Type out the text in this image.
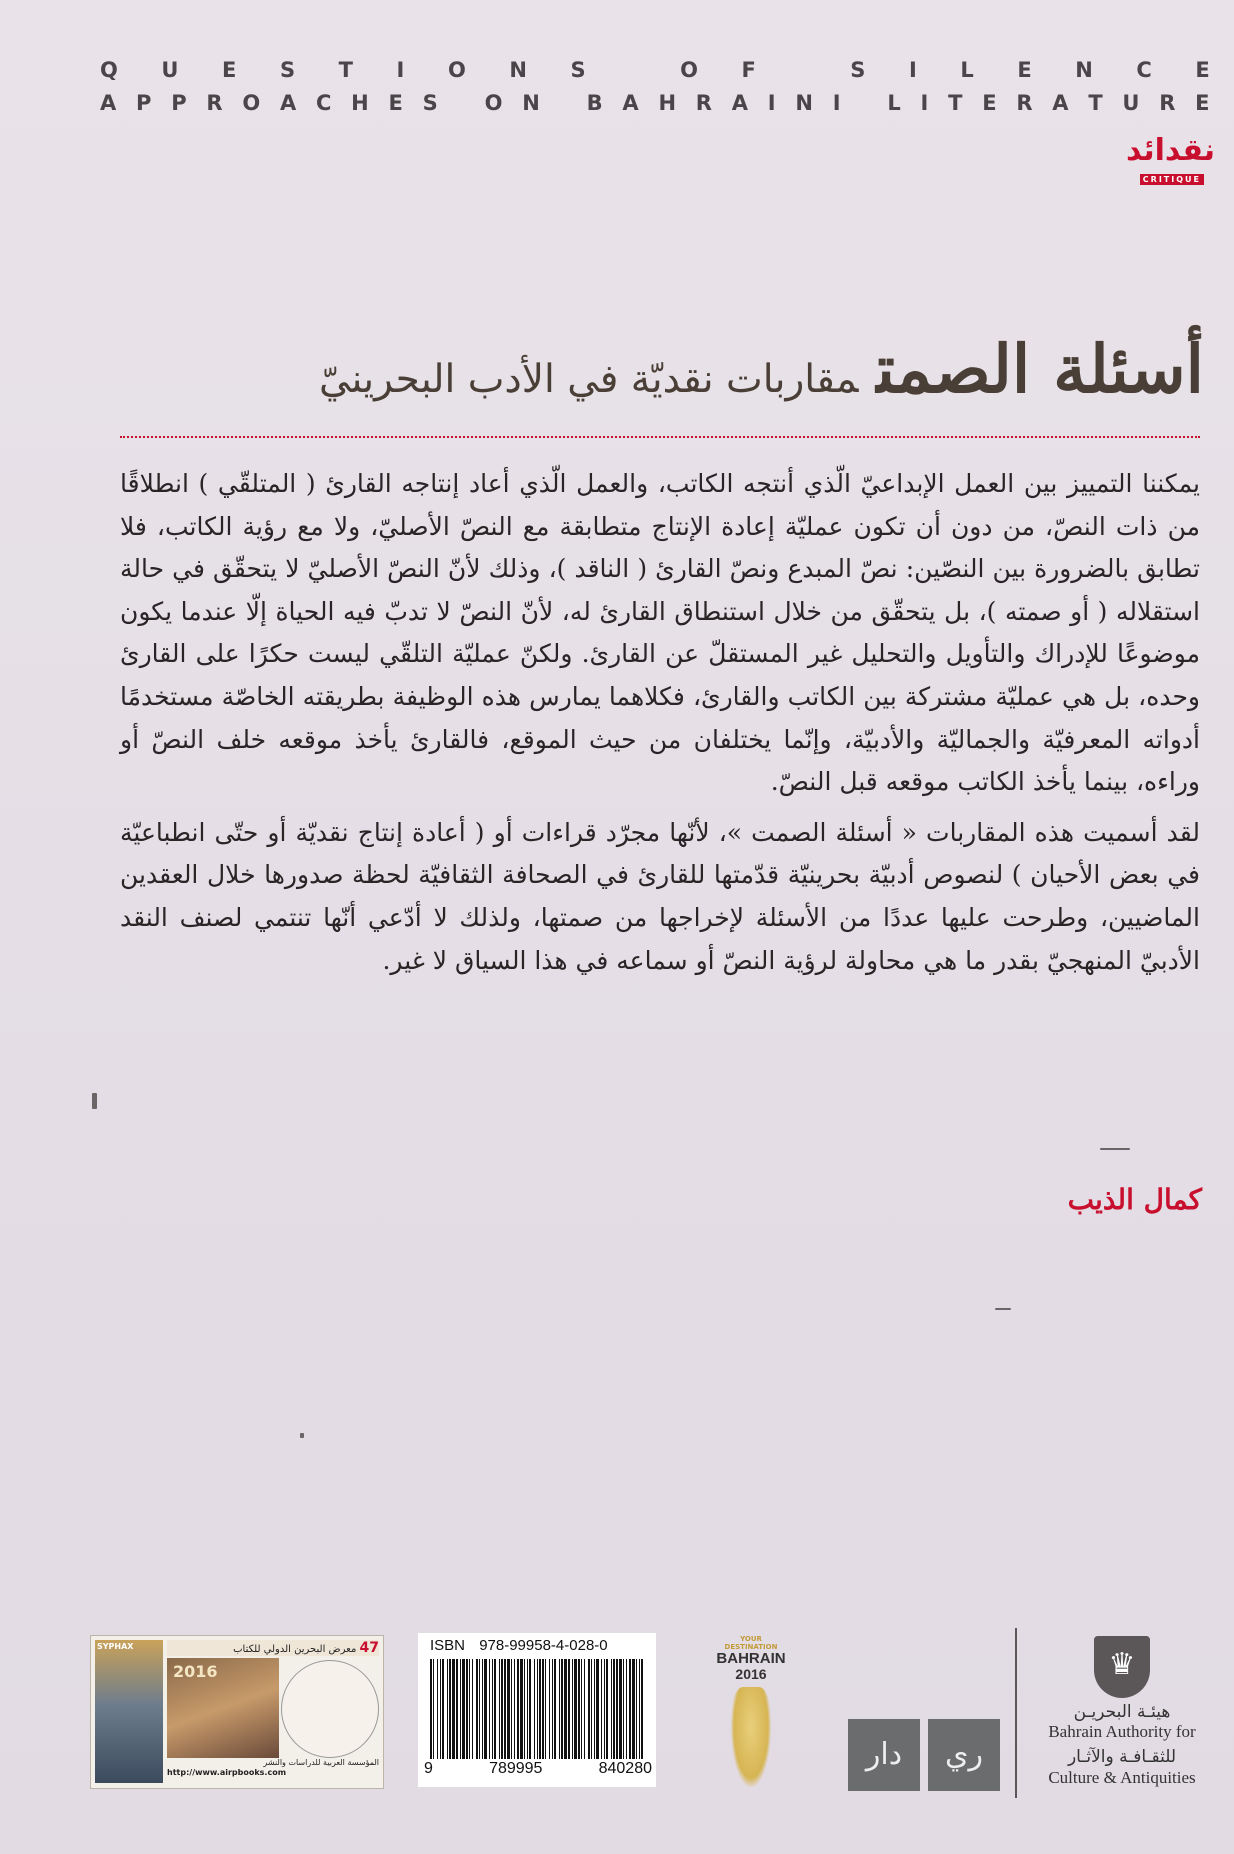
Q U E S T I O N S
	O F
	S I L E N C E
A P P R O A C H E S
O N
B A H R A I N I
L I T E R A T U R E
نقدائد
CRITIQUE
أسئلة الصمتمقاربات نقديّة في الأدب البحرينيّ

يمكننا التمييز بين العمل الإبداعيّ الّذي أنتجه الكاتب، والعمل الّذي أعاد إنتاجه القارئ ( المتلقّي ) انطلاقًا من ذات النصّ، من دون أن تكون عمليّة إعادة الإنتاج متطابقة مع النصّ الأصليّ، ولا مع رؤية الكاتب، فلا تطابق بالضرورة بين النصّين: نصّ المبدع ونصّ القارئ ( الناقد )، وذلك لأنّ النصّ الأصليّ لا يتحقّق في حالة استقلاله ( أو صمته )، بل يتحقّق من خلال استنطاق القارئ له، لأنّ النصّ لا تدبّ فيه الحياة إلّا عندما يكون موضوعًا للإدراك والتأويل والتحليل غير المستقلّ عن القارئ. ولكنّ عمليّة التلقّي ليست حكرًا على القارئ وحده، بل هي عمليّة مشتركة بين الكاتب والقارئ، فكلاهما يمارس هذه الوظيفة بطريقته الخاصّة مستخدمًا أدواته المعرفيّة والجماليّة والأدبيّة، وإنّما يختلفان من حيث الموقع، فالقارئ يأخذ موقعه خلف النصّ أو وراءه، بينما يأخذ الكاتب موقعه قبل النصّ.

لقد أسميت هذه المقاربات « أسئلة الصمت »، لأنّها مجرّد قراءات أو ( أعادة إنتاج نقديّة أو حتّى انطباعيّة في بعض الأحيان ) لنصوص أدبيّة بحرينيّة قدّمتها للقارئ في الصحافة الثقافيّة لحظة صدورها خلال العقدين الماضيين، وطرحت عليها عددًا من الأسئلة لإخراجها من صمتها، ولذلك لا أدّعي أنّها تنتمي لصنف النقد الأدبيّ المنهجيّ بقدر ما هي محاولة لرؤية النصّ أو سماعه في هذا السياق لا غير.

كمال الذيب
SYPHAX	47 معرض البحرين الدولي للكتاب
2016
المؤسسة العربية للدراسات والنشر
http://www.airpbooks.com
ISBN 978-99958-4-028-0
9	789995	840280
YOUR
DESTINATION
BAHRAIN
2016
دار	ري
♛
هيئـة البحريـن
Bahrain Authority for
للثقـافـة والآثـار
Culture & Antiquities
